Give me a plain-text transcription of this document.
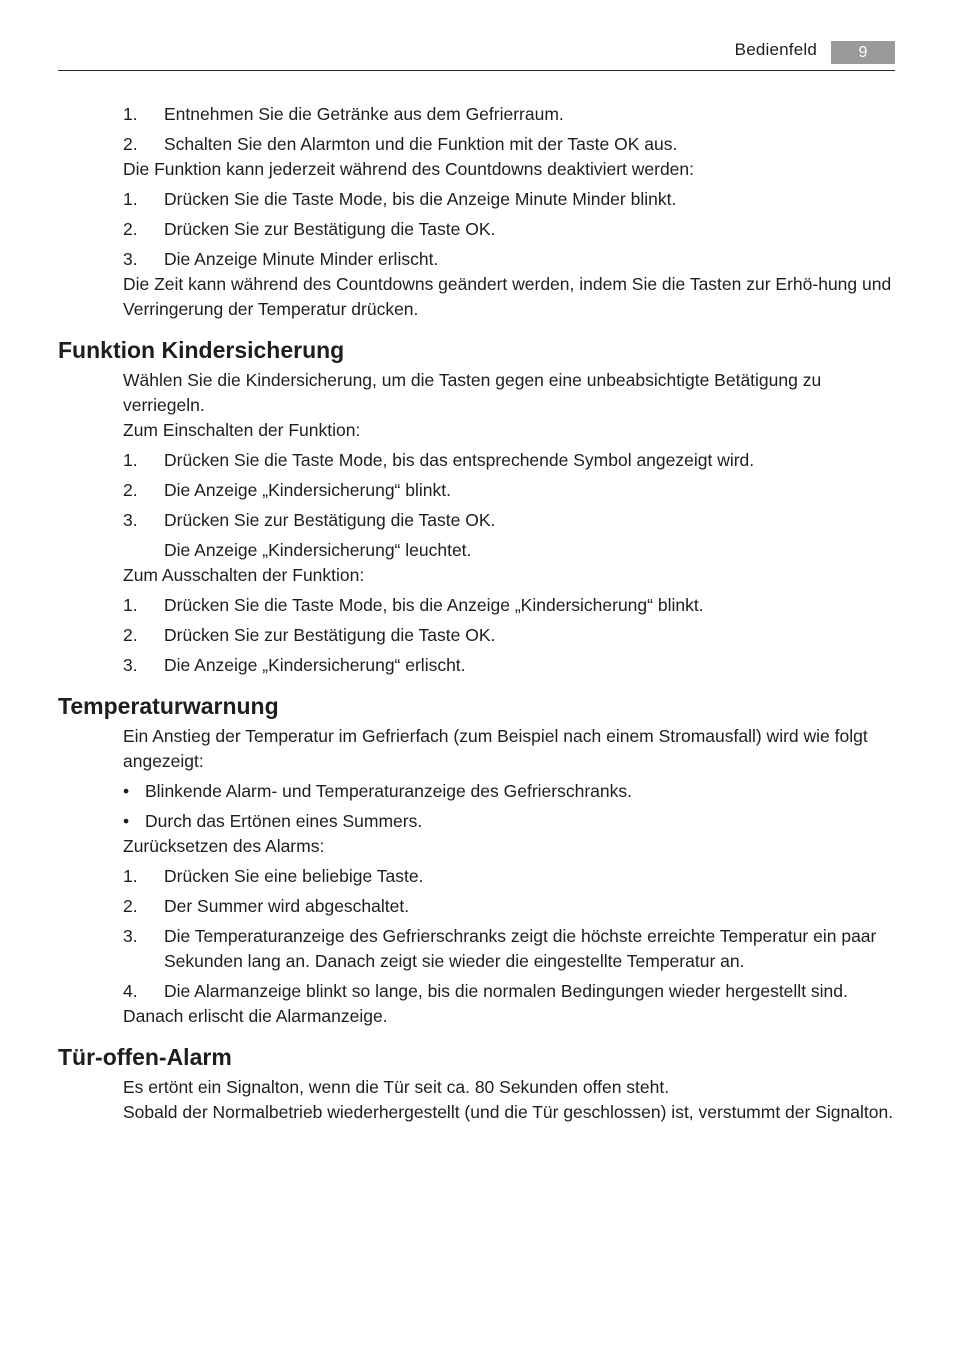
Bedienfeld	9
1. Entnehmen Sie die Getränke aus dem Gefrierraum.
2. Schalten Sie den Alarmton und die Funktion mit der Taste OK aus.

Die Funktion kann jederzeit während des Countdowns deaktiviert werden:

1. Drücken Sie die Taste Mode, bis die Anzeige Minute Minder blinkt.
2. Drücken Sie zur Bestätigung die Taste OK.
3. Die Anzeige Minute Minder erlischt.

Die Zeit kann während des Countdowns geändert werden, indem Sie die Tasten zur Erhö-hung und Verringerung der Temperatur drücken.

Funktion Kindersicherung

Wählen Sie die Kindersicherung, um die Tasten gegen eine unbeabsichtigte Betätigung zu verriegeln.

Zum Einschalten der Funktion:

1. Drücken Sie die Taste Mode, bis das entsprechende Symbol angezeigt wird.
2. Die Anzeige „Kindersicherung“ blinkt.
3. Drücken Sie zur Bestätigung die Taste OK.

Die Anzeige „Kindersicherung“ leuchtet.

Zum Ausschalten der Funktion:

1. Drücken Sie die Taste Mode, bis die Anzeige „Kindersicherung“ blinkt.
2. Drücken Sie zur Bestätigung die Taste OK.
3. Die Anzeige „Kindersicherung“ erlischt.
Temperaturwarnung

Ein Anstieg der Temperatur im Gefrierfach (zum Beispiel nach einem Stromausfall) wird wie folgt angezeigt:

• Blinkende Alarm- und Temperaturanzeige des Gefrierschranks.
• Durch das Ertönen eines Summers.

Zurücksetzen des Alarms:

1. Drücken Sie eine beliebige Taste.
2. Der Summer wird abgeschaltet.
3. Die Temperaturanzeige des Gefrierschranks zeigt die höchste erreichte Temperatur ein paar Sekunden lang an. Danach zeigt sie wieder die eingestellte Temperatur an.
4. Die Alarmanzeige blinkt so lange, bis die normalen Bedingungen wieder hergestellt sind.

Danach erlischt die Alarmanzeige.

Tür-offen-Alarm

Es ertönt ein Signalton, wenn die Tür seit ca. 80 Sekunden offen steht.

Sobald der Normalbetrieb wiederhergestellt (und die Tür geschlossen) ist, verstummt der Signalton.
